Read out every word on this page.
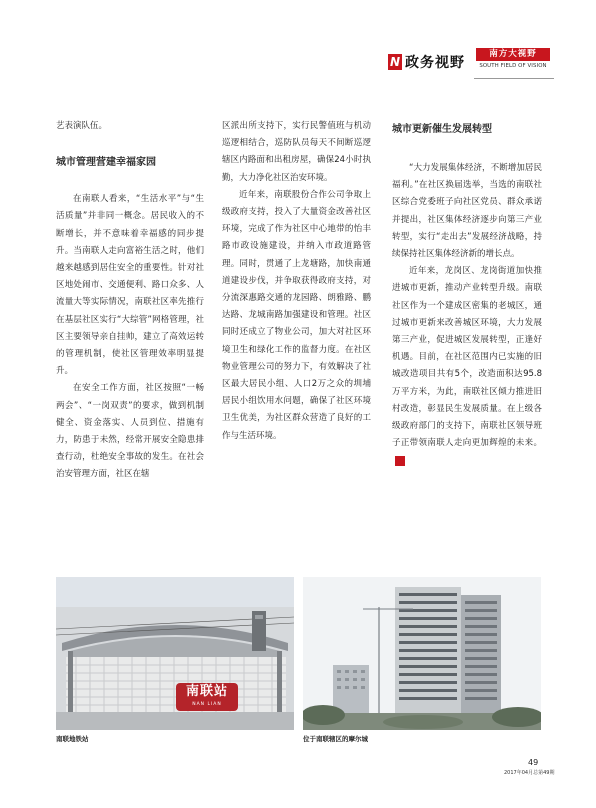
N 政务视野
南方大视野
SOUTH FIELD OF VISION

艺表演队伍。

城市管理营建幸福家园

在南联人看来，“生活水平”与“生活质量”并非同一概念。居民收入的不断增长，并不意味着幸福感的同步提升。当南联人走向富裕生活之时，他们越来越感到居住安全的重要性。针对社区地处闹市、交通便利、路口众多、人流量大等实际情况，南联社区率先推行在基层社区实行“大综管”网格管理，社区主要领导亲自挂帅，建立了高效运转的管理机制，使社区管理效率明显提升。

在安全工作方面，社区按照“一畅两会”、“一岗双责”的要求，做到机制健全、资金落实、人员到位、措施有力，防患于未然，经常开展安全隐患排查行动，杜绝安全事故的发生。在社会治安管理方面，社区在辖

区派出所支持下，实行民警值班与机动巡逻相结合，巡防队员每天不间断巡逻辖区内路面和出租房屋，确保24小时执勤，大力净化社区治安环境。

近年来，南联股份合作公司争取上级政府支持，投入了大量资金改善社区环境，完成了作为社区中心地带的怡丰路市政设施建设，并纳入市政道路管理。同时，贯通了上龙塘路，加快南通道建设步伐，并争取获得政府支持，对分流深惠路交通的龙园路、朗雅路、鹏达路、龙城南路加强建设和管理。社区同时还成立了物业公司，加大对社区环境卫生和绿化工作的监督力度。在社区物业管理公司的努力下，有效解决了社区最大居民小组、人口2万之众的圳埔居民小组饮用水问题，确保了社区环境卫生优美，为社区群众营造了良好的工作与生活环境。

城市更新催生发展转型

“大力发展集体经济，不断增加居民福利。”在社区换届选举，当选的南联社区综合党委班子向社区党员、群众承诺并提出，社区集体经济逐步向第三产业转型，实行“走出去”发展经济战略，持续保持社区集体经济新的增长点。

近年来，龙岗区、龙岗街道加快推进城市更新，推动产业转型升级。南联社区作为一个建成区密集的老城区，通过城市更新来改善城区环境，大力发展第三产业，促进城区发展转型，正逢好机遇。目前，在社区范围内已实施的旧城改造项目共有5个，改造面积达95.8万平方米，为此，南联社区倾力推进旧村改造，彰显民生发展质量。在上级各级政府部门的支持下，南联社区领导班子正带领南联人走向更加辉煌的未来。N

南联站
NAN LIAN
南联地铁站	位于南联辖区的摩尔城
49
2017年04月总第49期
